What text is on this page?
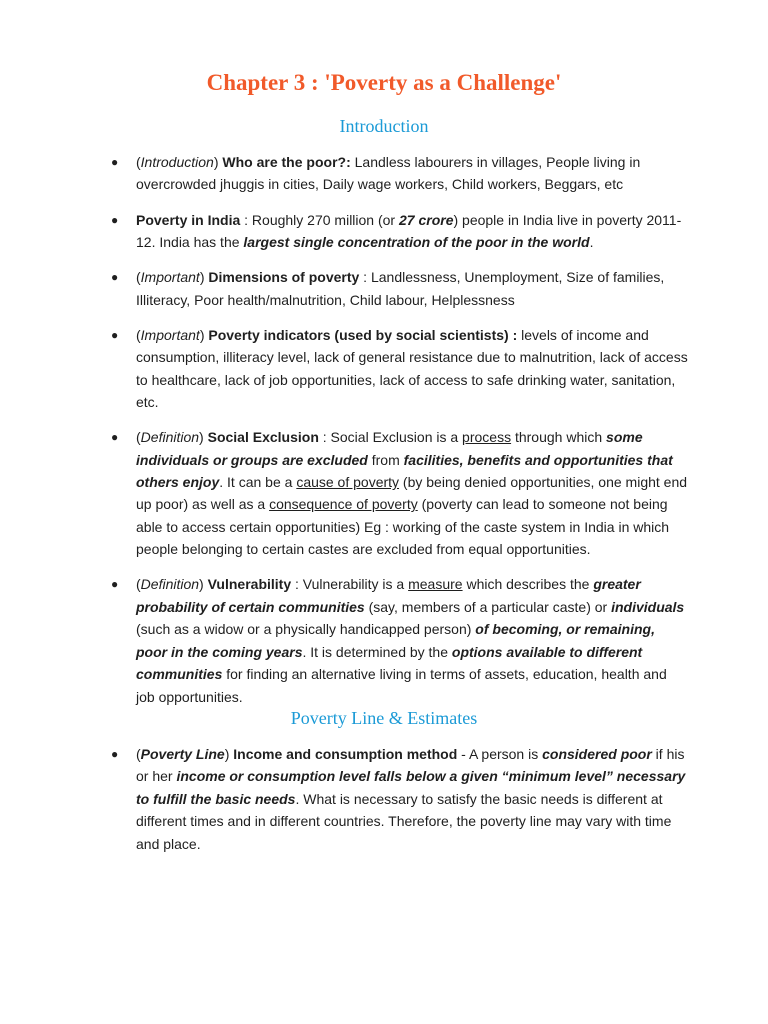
Chapter 3 : 'Poverty as a Challenge'
Introduction
● (Introduction) Who are the poor?: Landless labourers in villages, People living in overcrowded jhuggis in cities, Daily wage workers, Child workers, Beggars, etc
● Poverty in India : Roughly 270 million (or 27 crore) people in India live in poverty 2011-12. India has the largest single concentration of the poor in the world.
● (Important) Dimensions of poverty : Landlessness, Unemployment, Size of families, Illiteracy, Poor health/malnutrition, Child labour, Helplessness
● (Important) Poverty indicators (used by social scientists) : levels of income and consumption, illiteracy level, lack of general resistance due to malnutrition, lack of access to healthcare, lack of job opportunities, lack of access to safe drinking water, sanitation, etc.
● (Definition) Social Exclusion : Social Exclusion is a process through which some individuals or groups are excluded from facilities, benefits and opportunities that others enjoy. It can be a cause of poverty (by being denied opportunities, one might end up poor) as well as a consequence of poverty (poverty can lead to someone not being able to access certain opportunities) Eg : working of the caste system in India in which people belonging to certain castes are excluded from equal opportunities.
● (Definition) Vulnerability : Vulnerability is a measure which describes the greater probability of certain communities (say, members of a particular caste) or individuals (such as a widow or a physically handicapped person) of becoming, or remaining, poor in the coming years. It is determined by the options available to different communities for finding an alternative living in terms of assets, education, health and job opportunities.
Poverty Line & Estimates
● (Poverty Line) Income and consumption method - A person is considered poor if his or her income or consumption level falls below a given “minimum level” necessary to fulfill the basic needs. What is necessary to satisfy the basic needs is different at different times and in different countries. Therefore, the poverty line may vary with time and place.
